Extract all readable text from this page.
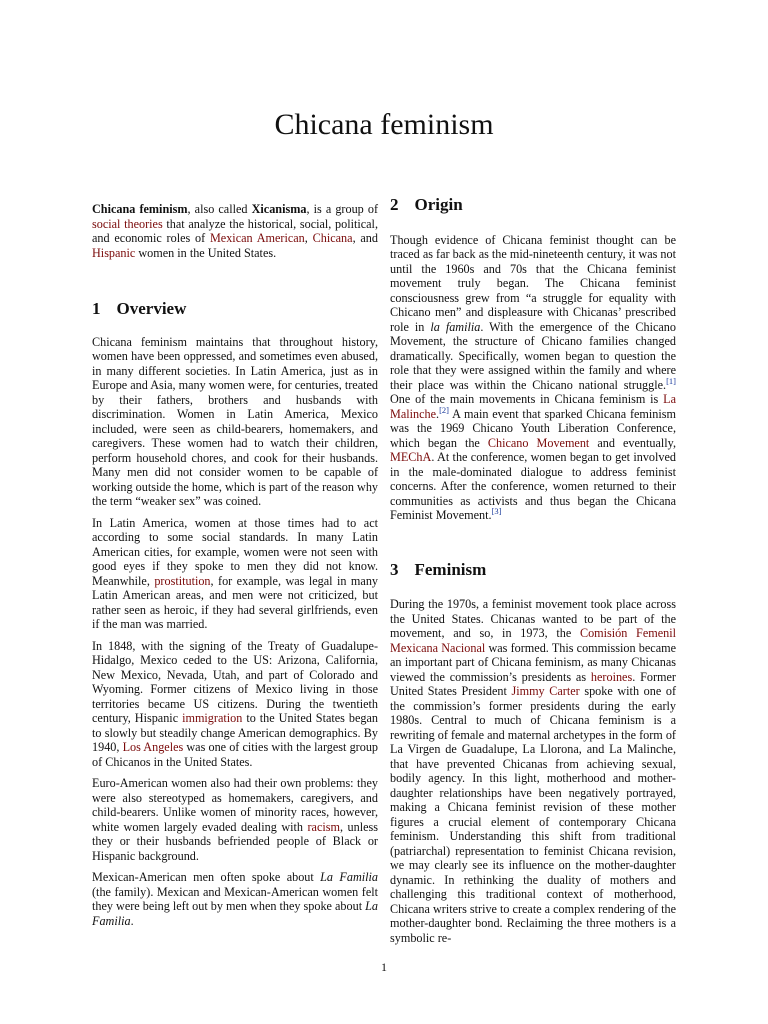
Chicana feminism

Chicana feminism, also called Xicanisma, is a group of social theories that analyze the historical, social, political, and economic roles of Mexican American, Chicana, and Hispanic women in the United States.

1 Overview

Chicana feminism maintains that throughout history, women have been oppressed, and sometimes even abused, in many different societies. In Latin America, just as in Europe and Asia, many women were, for centuries, treated by their fathers, brothers and husbands with discrimination. Women in Latin America, Mexico included, were seen as child-bearers, homemakers, and caregivers. These women had to watch their children, perform household chores, and cook for their husbands. Many men did not consider women to be capable of working outside the home, which is part of the reason why the term “weaker sex” was coined.

In Latin America, women at those times had to act according to some social standards. In many Latin American cities, for example, women were not seen with good eyes if they spoke to men they did not know. Meanwhile, prostitution, for example, was legal in many Latin American areas, and men were not criticized, but rather seen as heroic, if they had several girlfriends, even if the man was married.

In 1848, with the signing of the Treaty of Guadalupe-Hidalgo, Mexico ceded to the US: Arizona, California, New Mexico, Nevada, Utah, and part of Colorado and Wyoming. Former citizens of Mexico living in those territories became US citizens. During the twentieth century, Hispanic immigration to the United States began to slowly but steadily change American demographics. By 1940, Los Angeles was one of cities with the largest group of Chicanos in the United States.

Euro-American women also had their own problems: they were also stereotyped as homemakers, caregivers, and child-bearers. Unlike women of minority races, however, white women largely evaded dealing with racism, unless they or their husbands befriended people of Black or Hispanic background.

Mexican-American men often spoke about La Familia (the family). Mexican and Mexican-American women felt they were being left out by men when they spoke about La Familia.

2 Origin

Though evidence of Chicana feminist thought can be traced as far back as the mid-nineteenth century, it was not until the 1960s and 70s that the Chicana feminist movement truly began. The Chicana feminist consciousness grew from “a struggle for equality with Chicano men” and displeasure with Chicanas’ prescribed role in la familia. With the emergence of the Chicano Movement, the structure of Chicano families changed dramatically. Specifically, women began to question the role that they were assigned within the family and where their place was within the Chicano national struggle.[1] One of the main movements in Chicana feminism is La Malinche.[2] A main event that sparked Chicana feminism was the 1969 Chicano Youth Liberation Conference, which began the Chicano Movement and eventually, MEChA. At the conference, women began to get involved in the male-dominated dialogue to address feminist concerns. After the conference, women returned to their communities as activists and thus began the Chicana Feminist Movement.[3]

3 Feminism

During the 1970s, a feminist movement took place across the United States. Chicanas wanted to be part of the movement, and so, in 1973, the Comisión Femenil Mexicana Nacional was formed. This commission became an important part of Chicana feminism, as many Chicanas viewed the commission’s presidents as heroines. Former United States President Jimmy Carter spoke with one of the commission’s former presidents during the early 1980s. Central to much of Chicana feminism is a rewriting of female and maternal archetypes in the form of La Virgen de Guadalupe, La Llorona, and La Malinche, that have prevented Chicanas from achieving sexual, bodily agency. In this light, motherhood and mother-daughter relationships have been negatively portrayed, making a Chicana feminist revision of these mother figures a crucial element of contemporary Chicana feminism. Understanding this shift from traditional (patriarchal) representation to feminist Chicana revision, we may clearly see its influence on the mother-daughter dynamic. In rethinking the duality of mothers and challenging this traditional context of motherhood, Chicana writers strive to create a complex rendering of the mother-daughter bond. Reclaiming the three mothers is a symbolic re-

1
